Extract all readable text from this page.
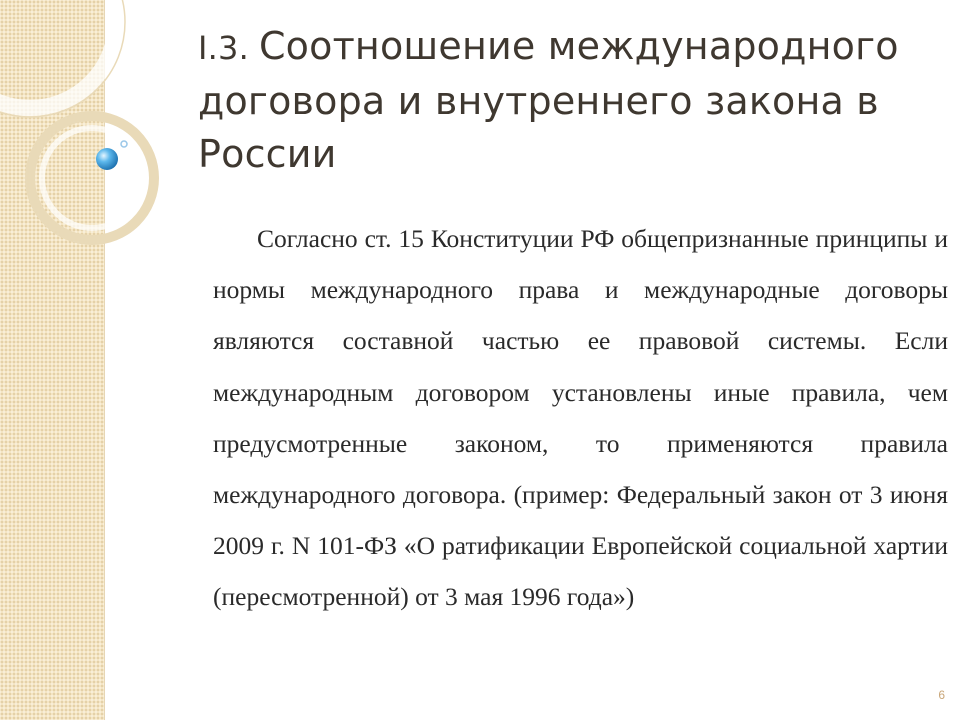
I.3. Соотношение международного договора и внутреннего закона в России

Согласно ст. 15 Конституции РФ общепризнанные принципы и нормы международного права и международные договоры являются составной частью ее правовой системы. Если международным договором установлены иные правила, чем предусмотренные законом, то применяются правила международного договора. (пример: Федеральный закон от 3 июня 2009 г. N 101-ФЗ «О ратификации Европейской социальной хартии (пересмотренной) от 3 мая 1996 года»)

6
